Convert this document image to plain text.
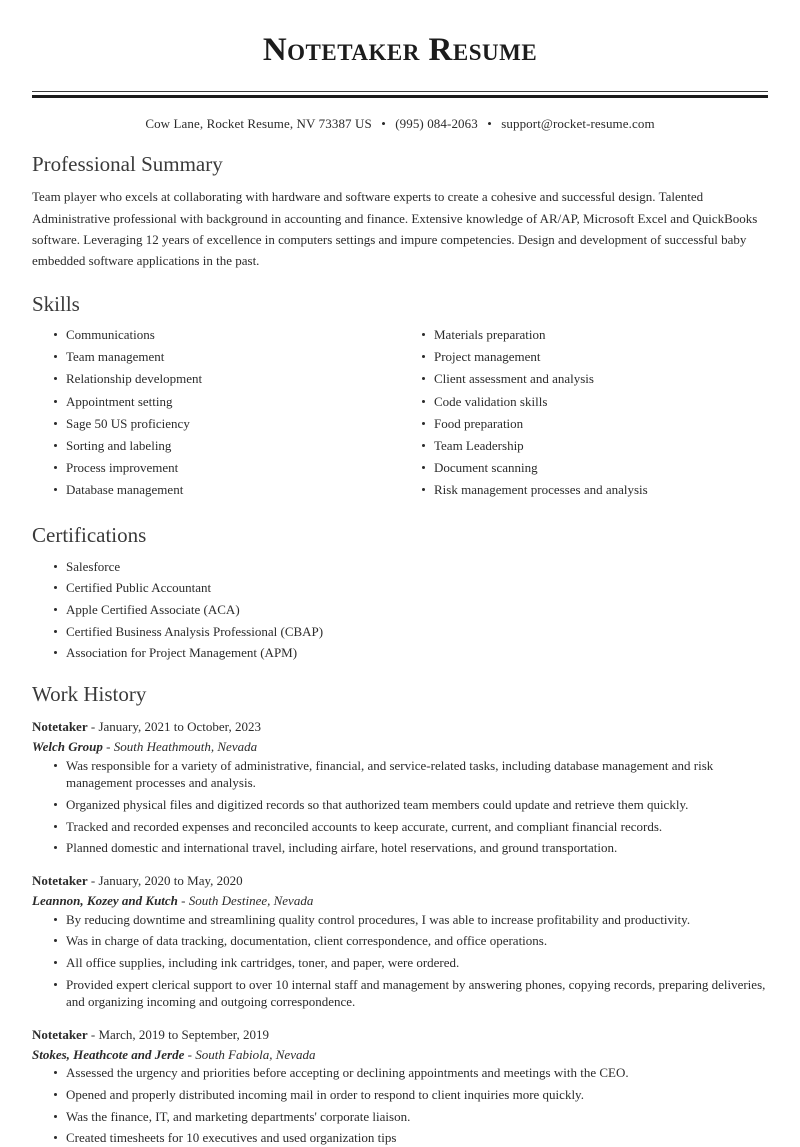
Notetaker Resume
Cow Lane, Rocket Resume, NV 73387 US • (995) 084-2063 • support@rocket-resume.com
Professional Summary

Team player who excels at collaborating with hardware and software experts to create a cohesive and successful design. Talented Administrative professional with background in accounting and finance. Extensive knowledge of AR/AP, Microsoft Excel and QuickBooks software. Leveraging 12 years of excellence in computers settings and impure competencies. Design and development of successful baby embedded software applications in the past.

Skills
Communications
Team management
Relationship development
Appointment setting
Sage 50 US proficiency
Sorting and labeling
Process improvement
Database management
Materials preparation
Project management
Client assessment and analysis
Code validation skills
Food preparation
Team Leadership
Document scanning
Risk management processes and analysis
Certifications
Salesforce
Certified Public Accountant
Apple Certified Associate (ACA)
Certified Business Analysis Professional (CBAP)
Association for Project Management (APM)
Work History
Notetaker - January, 2021 to October, 2023
Welch Group - South Heathmouth, Nevada
Was responsible for a variety of administrative, financial, and service-related tasks, including database management and risk management processes and analysis.
Organized physical files and digitized records so that authorized team members could update and retrieve them quickly.
Tracked and recorded expenses and reconciled accounts to keep accurate, current, and compliant financial records.
Planned domestic and international travel, including airfare, hotel reservations, and ground transportation.
Notetaker - January, 2020 to May, 2020
Leannon, Kozey and Kutch - South Destinee, Nevada
By reducing downtime and streamlining quality control procedures, I was able to increase profitability and productivity.
Was in charge of data tracking, documentation, client correspondence, and office operations.
All office supplies, including ink cartridges, toner, and paper, were ordered.
Provided expert clerical support to over 10 internal staff and management by answering phones, copying records, preparing deliveries, and organizing incoming and outgoing correspondence.
Notetaker - March, 2019 to September, 2019
Stokes, Heathcote and Jerde - South Fabiola, Nevada
Assessed the urgency and priorities before accepting or declining appointments and meetings with the CEO.
Opened and properly distributed incoming mail in order to respond to client inquiries more quickly.
Was the finance, IT, and marketing departments' corporate liaison.
Created timesheets for 10 executives and used organization tips
